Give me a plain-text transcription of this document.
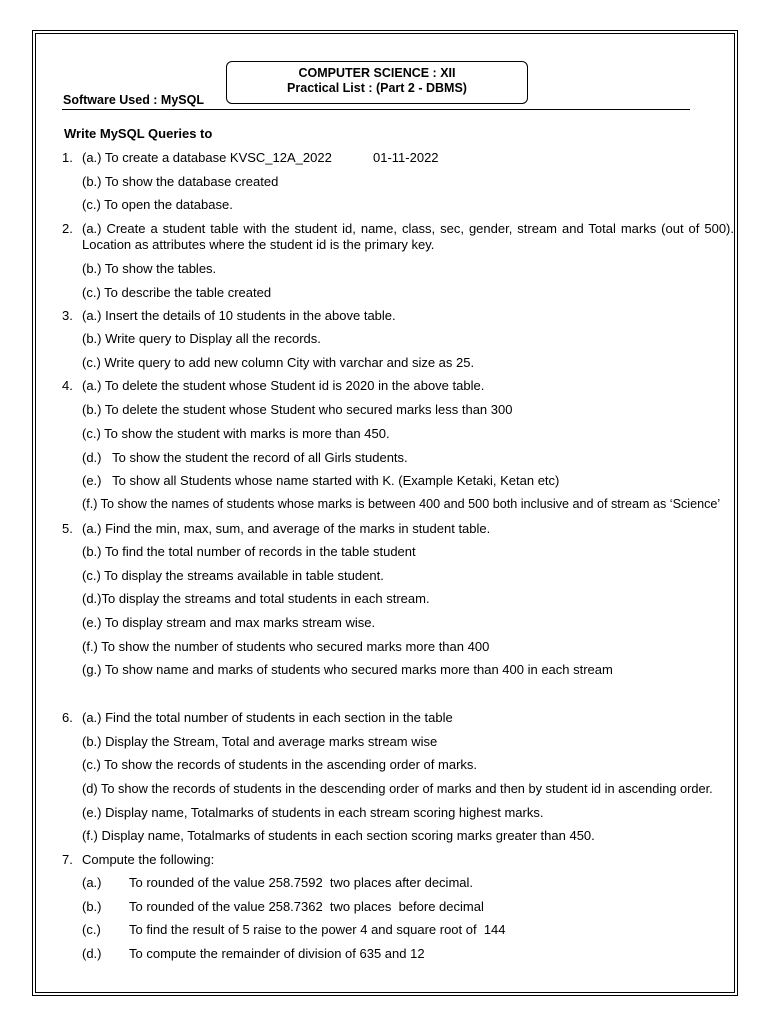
COMPUTER SCIENCE : XII
Practical List : (Part 2 - DBMS)
Software Used : MySQL
Write MySQL Queries to
1. (a.) To create a database KVSC_12A_2022	01-11-2022
(b.) To show the database created
(c.) To open the database.
2. (a.) Create a student table with the student id, name, class, sec, gender, stream and Total marks (out of 500). Location as attributes where the student id is the primary key.
(b.) To show the tables.
(c.) To describe the table created
3. (a.) Insert the details of 10 students in the above table.
(b.) Write query to Display all the records.
(c.) Write query to add new column City with varchar and size as 25.
4. (a.) To delete the student whose Student id is 2020 in the above table.
(b.) To delete the student whose Student who secured marks less than 300
(c.) To show the student with marks is more than 450.
(d.)   To show the student the record of all Girls students.
(e.)   To show all Students whose name started with K. (Example Ketaki, Ketan etc)
(f.) To show the names of students whose marks is between 400 and 500 both inclusive and of stream as ‘Science’
5. (a.) Find the min, max, sum, and average of the marks in student table.
(b.) To find the total number of records in the table student
(c.) To display the streams available in table student.
(d.)To display the streams and total students in each stream.
(e.) To display stream and max marks stream wise.
(f.) To show the number of students who secured marks more than 400
(g.) To show name and marks of students who secured marks more than 400 in each stream
6. (a.) Find the total number of students in each section in the table
(b.) Display the Stream, Total and average marks stream wise
(c.) To show the records of students in the ascending order of marks.
(d) To show the records of students in the descending order of marks and then by student id in ascending order.
(e.) Display name, Totalmarks of students in each stream scoring highest marks.
(f.) Display name, Totalmarks of students in each section scoring marks greater than 450.
7. Compute the following:
(a.) To rounded of the value 258.7592  two places after decimal.
(b.) To rounded of the value 258.7362  two places  before decimal
(c.) To find the result of 5 raise to the power 4 and square root of  144
(d.) To compute the remainder of division of 635 and 12
